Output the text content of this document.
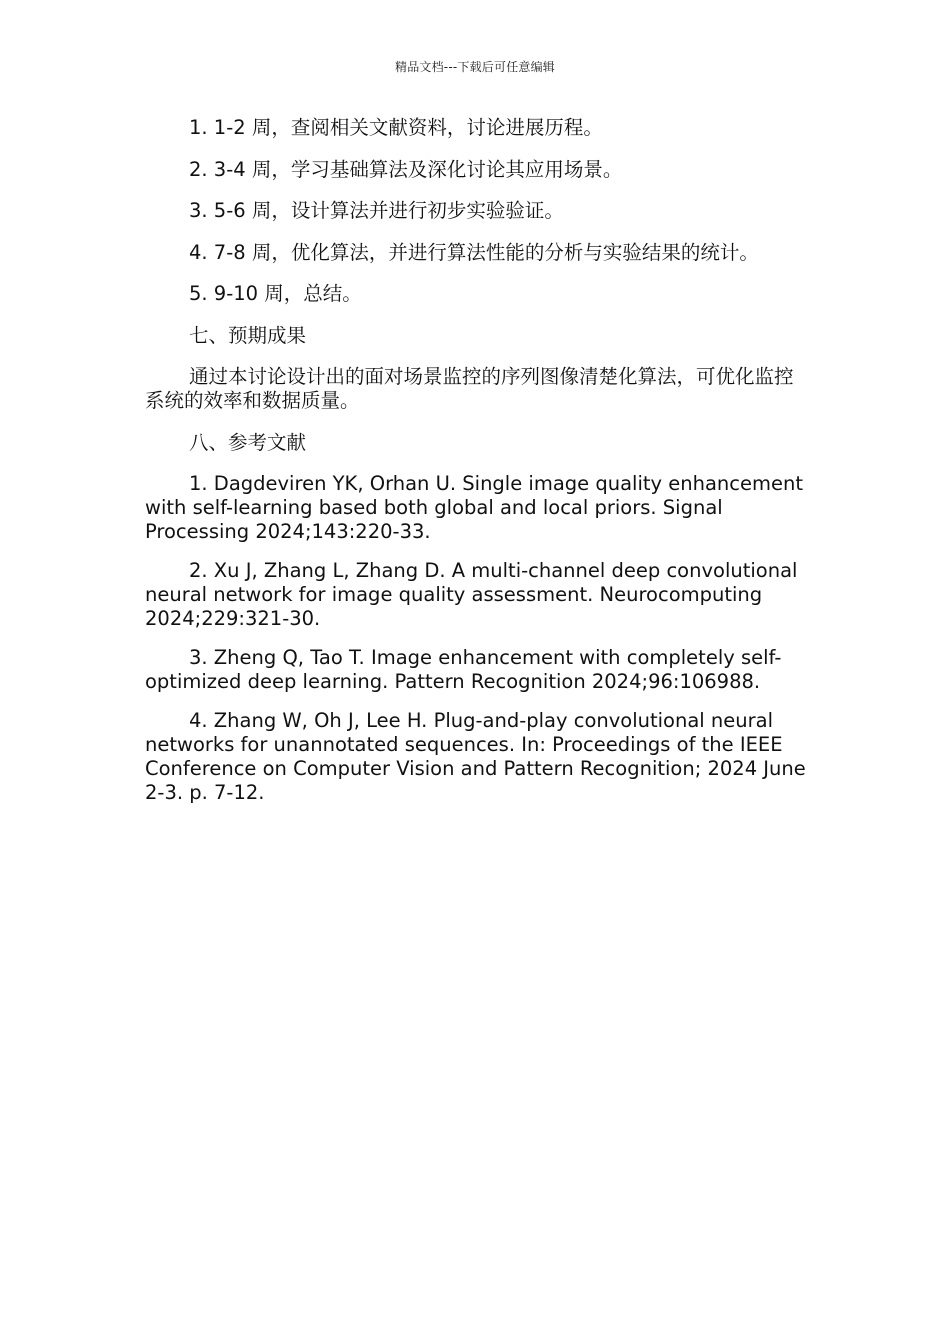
精品文档---下载后可任意编辑

1. 1-2 周，查阅相关文献资料，讨论进展历程。

2. 3-4 周，学习基础算法及深化讨论其应用场景。

3. 5-6 周，设计算法并进行初步实验验证。

4. 7-8 周，优化算法，并进行算法性能的分析与实验结果的统计。

5. 9-10 周，总结。

七、预期成果

通过本讨论设计出的面对场景监控的序列图像清楚化算法，可优化监控系统的效率和数据质量。

八、参考文献

1. Dagdeviren YK, Orhan U. Single image quality enhancement with self-learning based both global and local priors. Signal Processing 2024;143:220-33.

2. Xu J, Zhang L, Zhang D. A multi-channel deep convolutional neural network for image quality assessment. Neurocomputing 2024;229:321-30.

3. Zheng Q, Tao T. Image enhancement with completely self-optimized deep learning. Pattern Recognition 2024;96:106988.

4. Zhang W, Oh J, Lee H. Plug-and-play convolutional neural networks for unannotated sequences. In: Proceedings of the IEEE Conference on Computer Vision and Pattern Recognition; 2024 June 2-3. p. 7-12.
